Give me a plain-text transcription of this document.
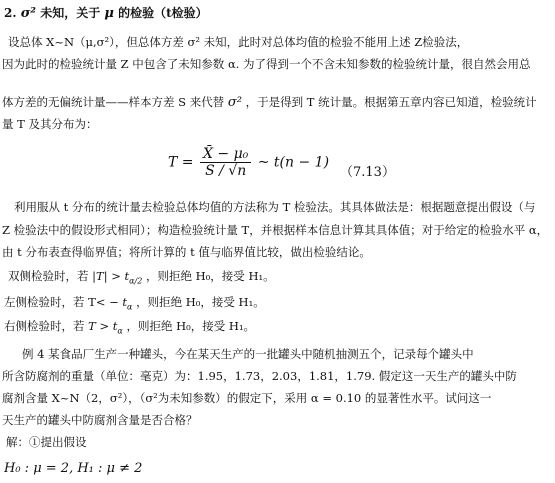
2. σ² 未知，关于 μ 的检验（t检验）
设总体 X~N（μ,σ²），但总体方差 σ² 未知，此时对总体均值的检验不能用上述 Z检验法，
因为此时的检验统计量 Z 中包含了未知参数 α. 为了得到一个不含未知参数的检验统计量，很自然会用总
体方差的无偏统计量——样本方差 S 来代替 σ² ，于是得到 T 统计量。根据第五章内容已知道，检验统计
量 T 及其分布为：
$T = \frac{\text{X̄ − μ₀}}{S / √n}$ ~ t(n − 1)
（7.13）
利用服从 t 分布的统计量去检验总体均值的方法称为 T 检验法。其具体做法是：根据题意提出假设（与
Z 检验法中的假设形式相同）；构造检验统计量 T，并根据样本信息计算其具体值；对于给定的检验水平 α，
由 t 分布表查得临界值；将所计算的 t 值与临界值比较，做出检验结论。
双侧检验时，若 $|T| > t_{\alpha/2}$ ，则拒绝 H₀，接受 H₁。
左侧检验时，若 $T< - t_\alpha$ ，则拒绝 H₀，接受 H₁。
右侧检验时，若 $T > t_\alpha$ ，则拒绝 H₀，接受 H₁。
例 4 某食品厂生产一种罐头，今在某天生产的一批罐头中随机抽测五个，记录每个罐头中
所含防腐剂的重量（单位：毫克）为：1.95，1.73，2.03，1.81，1.79. 假定这一天生产的罐头中防
腐剂含量 X~N（2，σ²），（σ²为未知参数）的假定下，采用 α = 0.10 的显著性水平。试问这一
天生产的罐头中防腐剂含量是否合格？
解：①提出假设
H₀ : μ = 2, H₁ : μ ≠ 2
